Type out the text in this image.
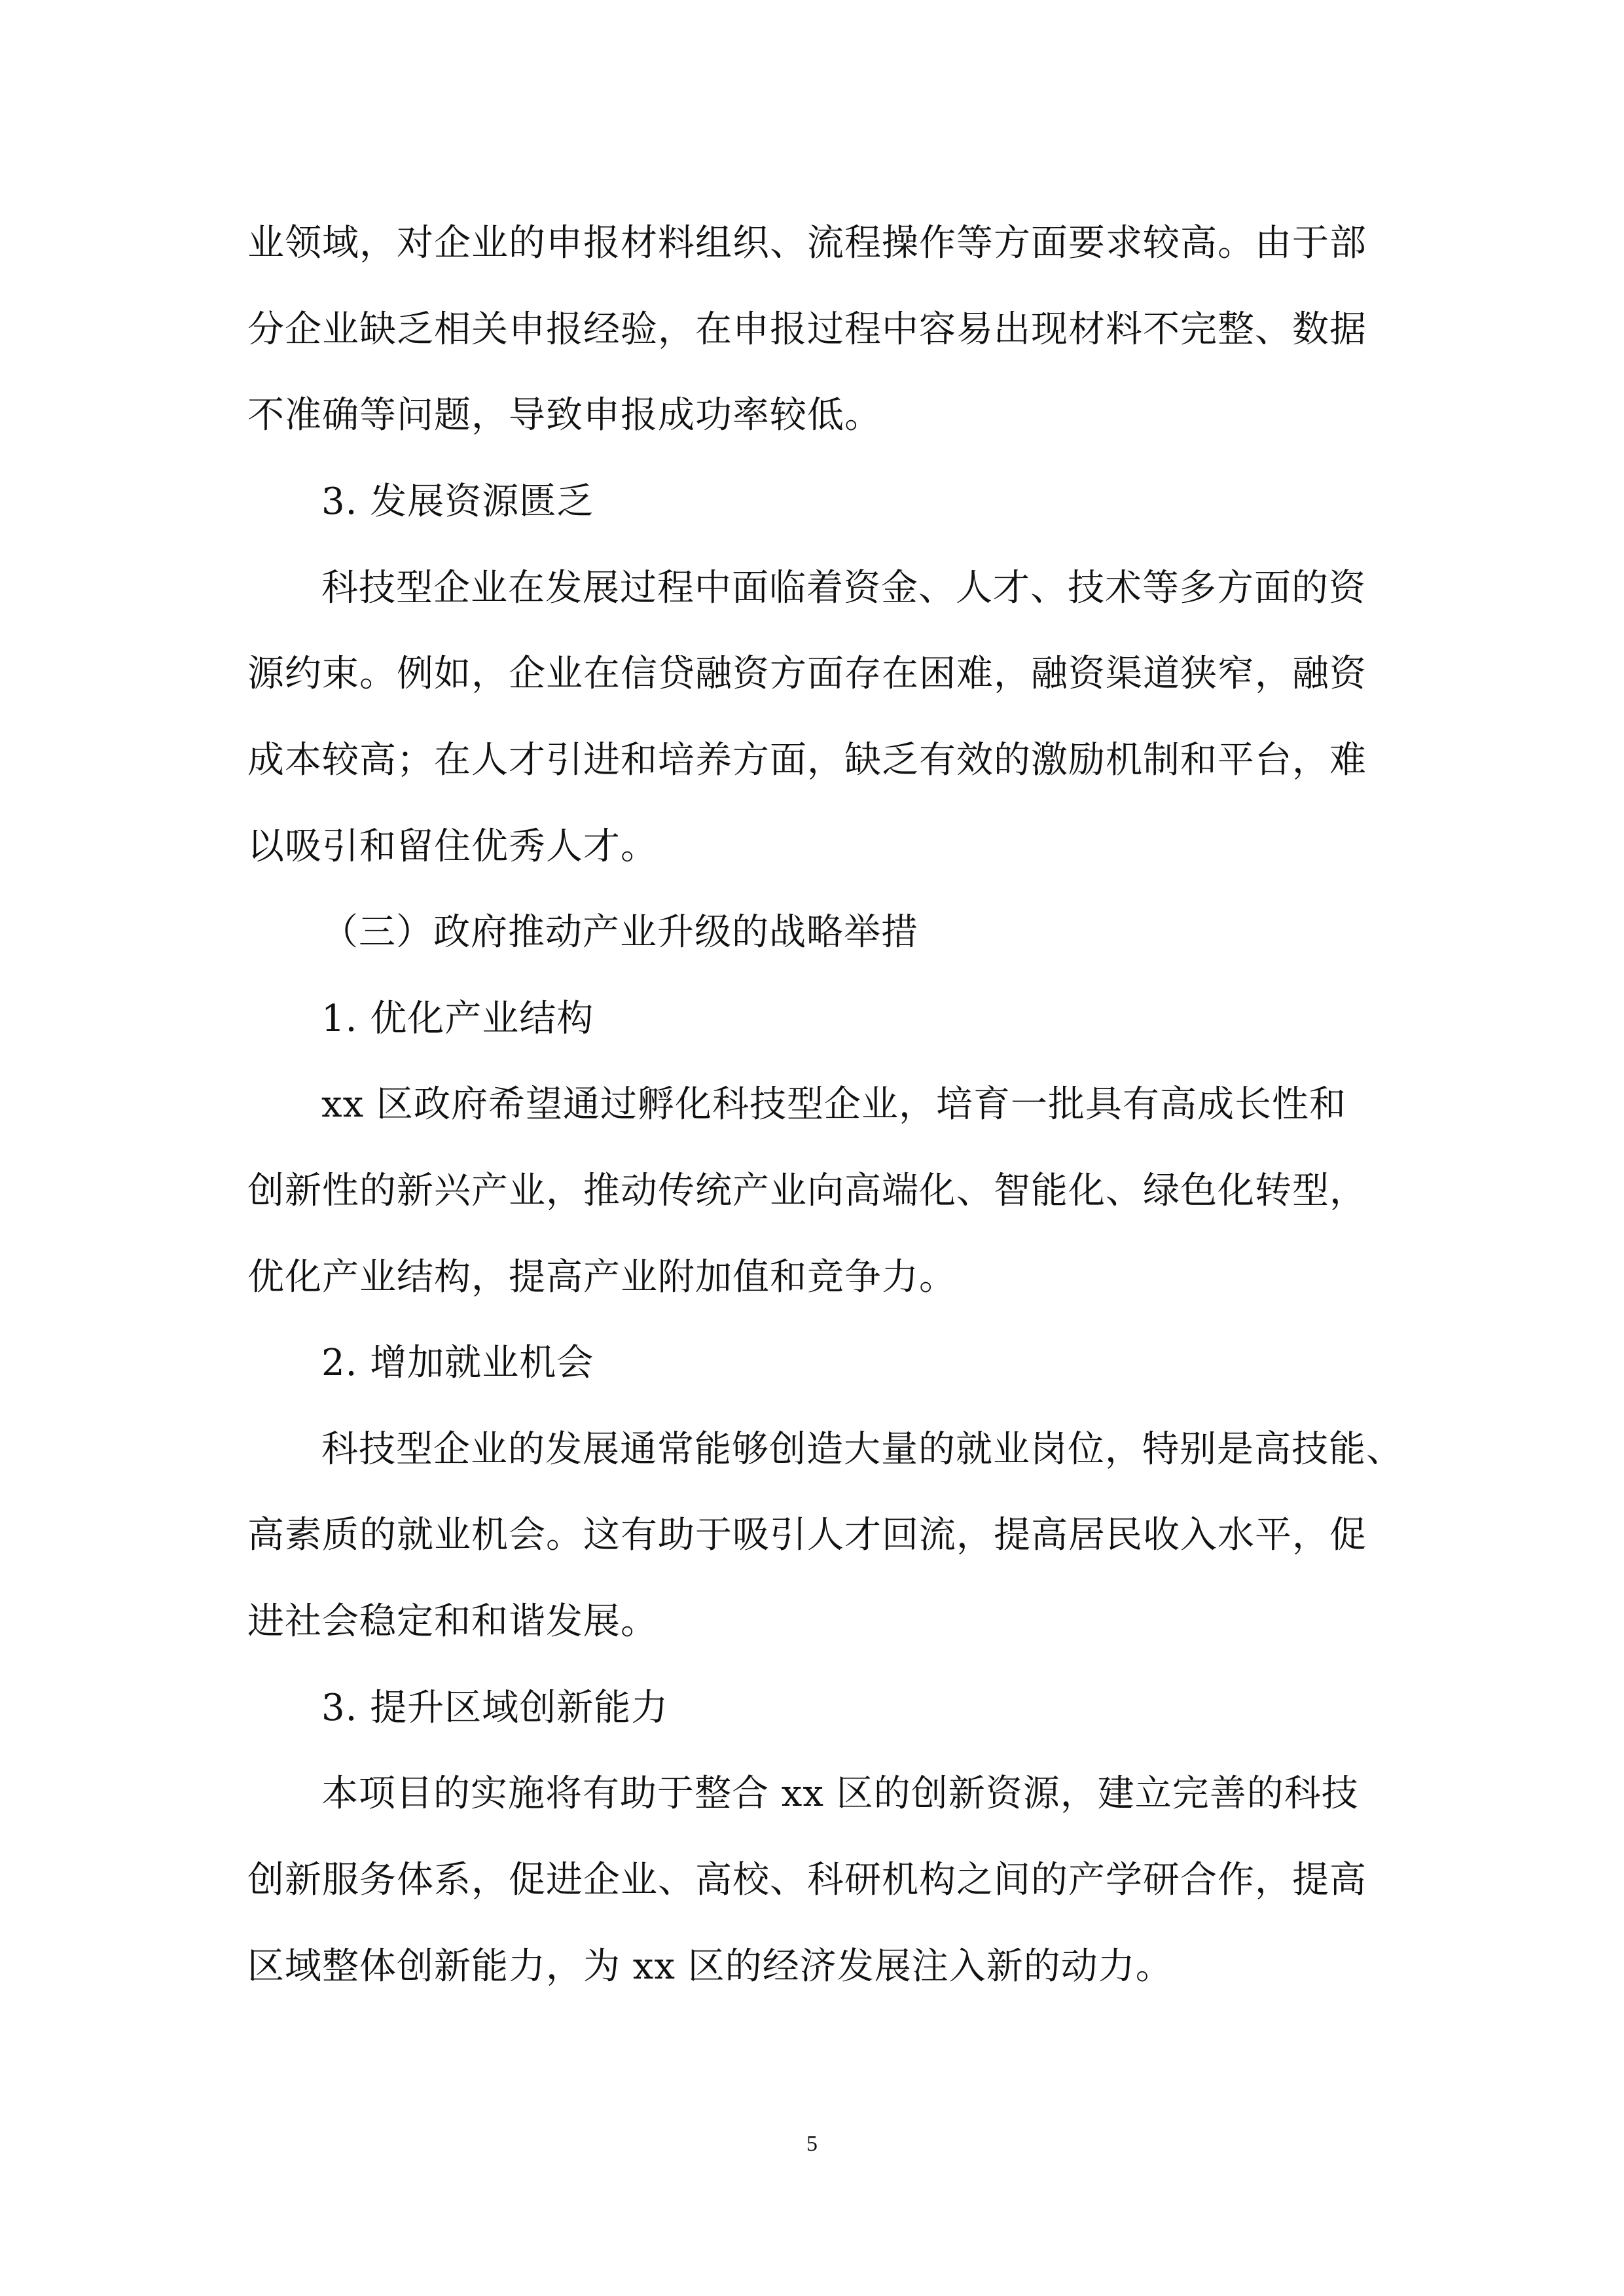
业领域，对企业的申报材料组织、流程操作等方面要求较高。由于部
分企业缺乏相关申报经验，在申报过程中容易出现材料不完整、数据
不准确等问题，导致申报成功率较低。
3. 发展资源匮乏
科技型企业在发展过程中面临着资金、人才、技术等多方面的资
源约束。例如，企业在信贷融资方面存在困难，融资渠道狭窄，融资
成本较高；在人才引进和培养方面，缺乏有效的激励机制和平台，难
以吸引和留住优秀人才。
（三）政府推动产业升级的战略举措
1. 优化产业结构
xx 区政府希望通过孵化科技型企业，培育一批具有高成长性和
创新性的新兴产业，推动传统产业向高端化、智能化、绿色化转型，
优化产业结构，提高产业附加值和竞争力。
2. 增加就业机会
科技型企业的发展通常能够创造大量的就业岗位，特别是高技能、
高素质的就业机会。这有助于吸引人才回流，提高居民收入水平，促
进社会稳定和和谐发展。
3. 提升区域创新能力
本项目的实施将有助于整合 xx 区的创新资源，建立完善的科技
创新服务体系，促进企业、高校、科研机构之间的产学研合作，提高
区域整体创新能力，为 xx 区的经济发展注入新的动力。
5
